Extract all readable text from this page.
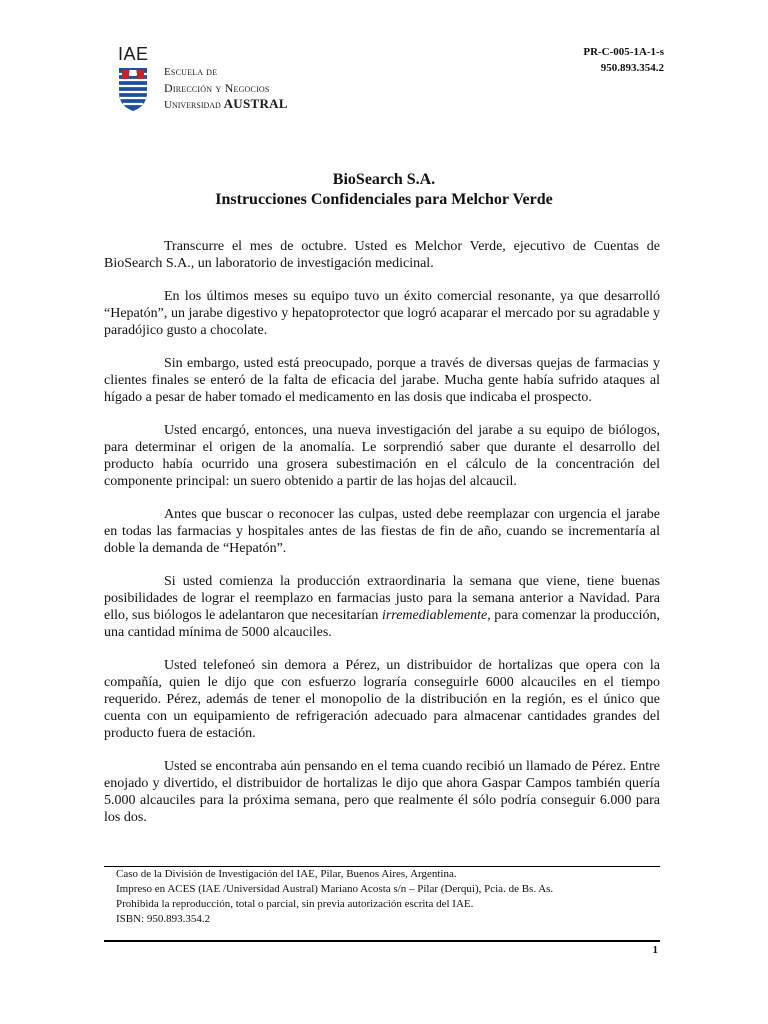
IAE
Escuela de
Dirección y Negocios
Universidad AUSTRAL
PR-C-005-1A-1-s
950.893.354.2
BioSearch S.A.
Instrucciones Confidenciales para Melchor Verde

Transcurre el mes de octubre. Usted es Melchor Verde, ejecutivo de Cuentas de BioSearch S.A., un laboratorio de investigación medicinal.

En los últimos meses su equipo tuvo un éxito comercial resonante, ya que desarrolló “Hepatón”, un jarabe digestivo y hepatoprotector que logró acaparar el mercado por su agradable y paradójico gusto a chocolate.

Sin embargo, usted está preocupado, porque a través de diversas quejas de farmacias y clientes finales se enteró de la falta de eficacia del jarabe. Mucha gente había sufrido ataques al hígado a pesar de haber tomado el medicamento en las dosis que indicaba el prospecto.

Usted encargó, entonces, una nueva investigación del jarabe a su equipo de biólogos, para determinar el origen de la anomalía. Le sorprendió saber que durante el desarrollo del producto había ocurrido una grosera subestimación en el cálculo de la concentración del componente principal: un suero obtenido a partir de las hojas del alcaucil.

Antes que buscar o reconocer las culpas, usted debe reemplazar con urgencia el jarabe en todas las farmacias y hospitales antes de las fiestas de fin de año, cuando se incrementaría al doble la demanda de “Hepatón”.

Si usted comienza la producción extraordinaria la semana que viene, tiene buenas posibilidades de lograr el reemplazo en farmacias justo para la semana anterior a Navidad. Para ello, sus biólogos le adelantaron que necesitarían irremediablemente, para comenzar la producción, una cantidad mínima de 5000 alcauciles.

Usted telefoneó sin demora a Pérez, un distribuidor de hortalizas que opera con la compañía, quien le dijo que con esfuerzo lograría conseguirle 6000 alcauciles en el tiempo requerido. Pérez, además de tener el monopolio de la distribución en la región, es el único que cuenta con un equipamiento de refrigeración adecuado para almacenar cantidades grandes del producto fuera de estación.

Usted se encontraba aún pensando en el tema cuando recibió un llamado de Pérez. Entre enojado y divertido, el distribuidor de hortalizas le dijo que ahora Gaspar Campos también quería 5.000 alcauciles para la próxima semana, pero que realmente él sólo podría conseguir 6.000 para los dos.

Caso de la División de Investigación del IAE, Pilar, Buenos Aires, Argentina.
Impreso en ACES (IAE /Universidad Austral) Mariano Acosta s/n – Pilar (Derqui), Pcia. de Bs. As.
Prohibida la reproducción, total o parcial, sin previa autorización escrita del IAE.
ISBN: 950.893.354.2
1
